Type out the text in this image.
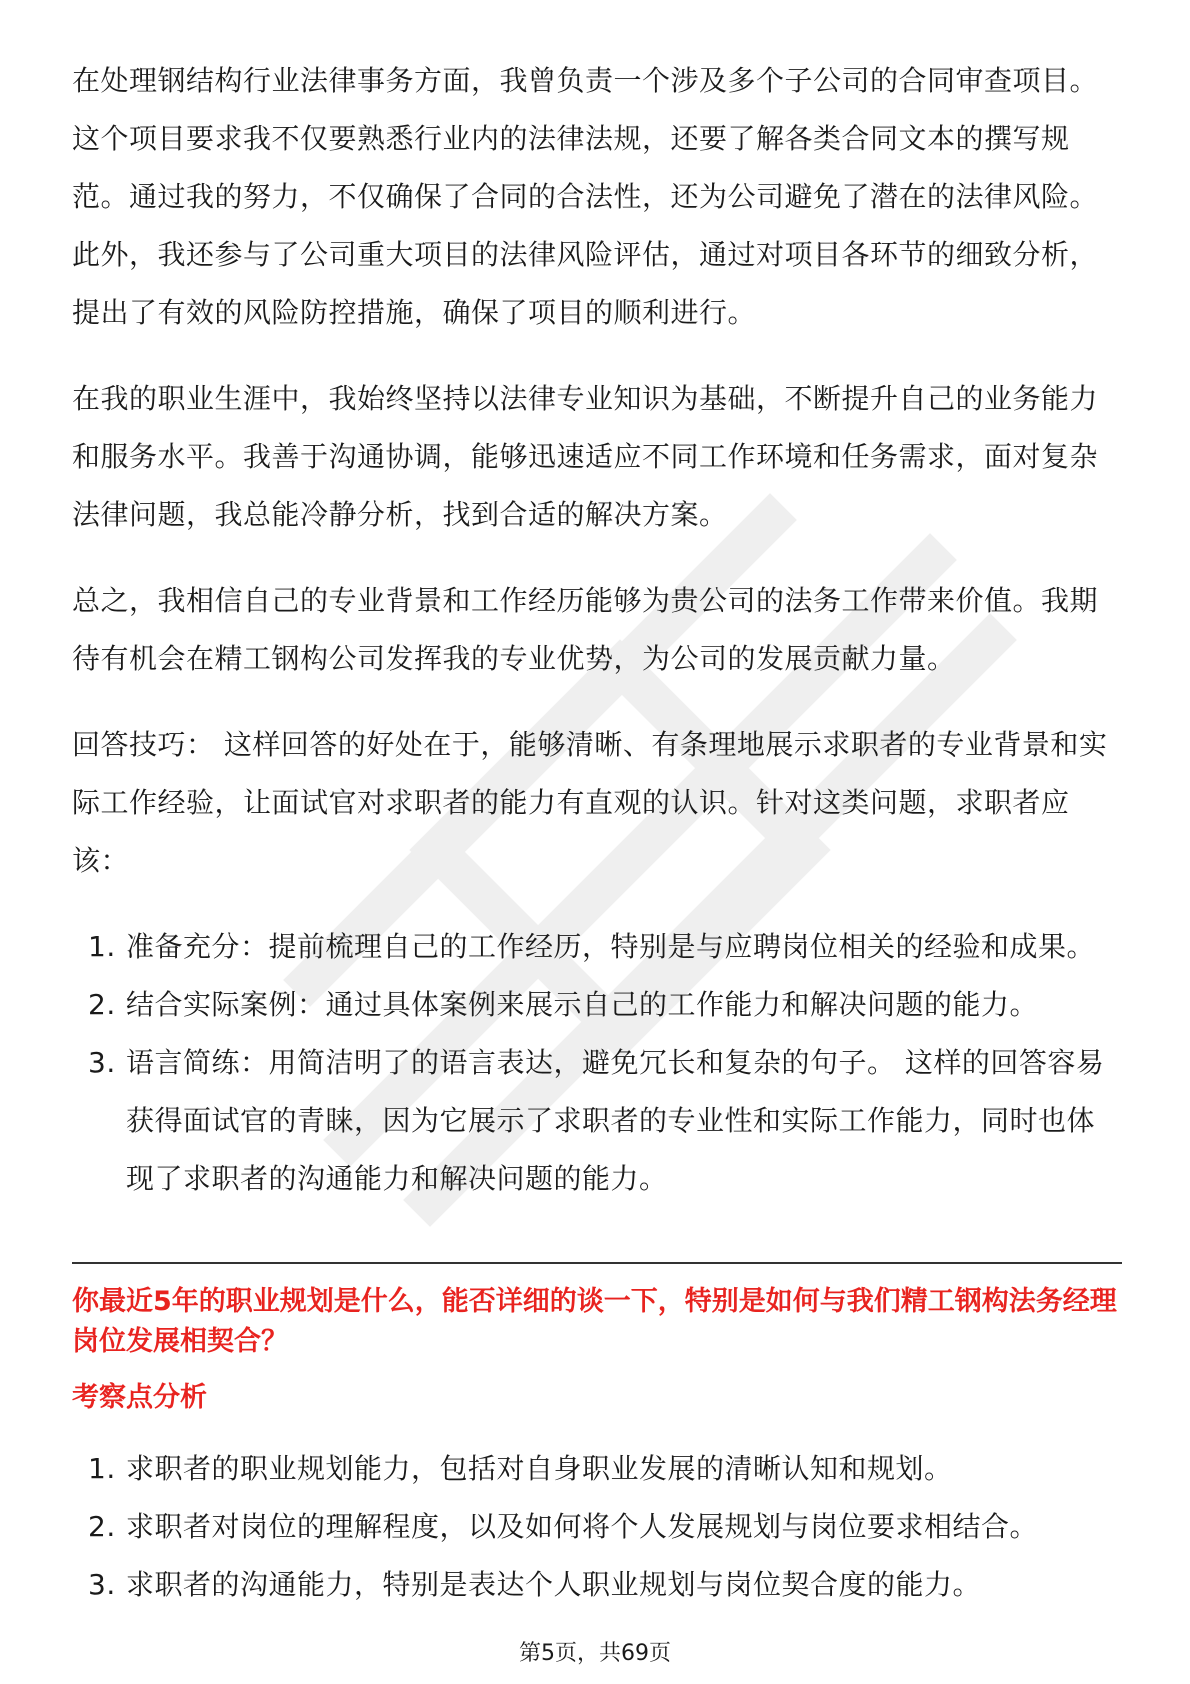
在处理钢结构行业法律事务方面，我曾负责一个涉及多个子公司的合同审查项目。这个项目要求我不仅要熟悉行业内的法律法规，还要了解各类合同文本的撰写规范。通过我的努力，不仅确保了合同的合法性，还为公司避免了潜在的法律风险。此外，我还参与了公司重大项目的法律风险评估，通过对项目各环节的细致分析，提出了有效的风险防控措施，确保了项目的顺利进行。

在我的职业生涯中，我始终坚持以法律专业知识为基础，不断提升自己的业务能力和服务水平。我善于沟通协调，能够迅速适应不同工作环境和任务需求，面对复杂法律问题，我总能冷静分析，找到合适的解决方案。

总之，我相信自己的专业背景和工作经历能够为贵公司的法务工作带来价值。我期待有机会在精工钢构公司发挥我的专业优势，为公司的发展贡献力量。

回答技巧： 这样回答的好处在于，能够清晰、有条理地展示求职者的专业背景和实际工作经验，让面试官对求职者的能力有直观的认识。针对这类问题，求职者应该：

1. 准备充分：提前梳理自己的工作经历，特别是与应聘岗位相关的经验和成果。
2. 结合实际案例：通过具体案例来展示自己的工作能力和解决问题的能力。
3. 语言简练：用简洁明了的语言表达，避免冗长和复杂的句子。 这样的回答容易获得面试官的青睐，因为它展示了求职者的专业性和实际工作能力，同时也体现了求职者的沟通能力和解决问题的能力。

你最近5年的职业规划是什么，能否详细的谈一下，特别是如何与我们精工钢构法务经理岗位发展相契合？

考察点分析

1. 求职者的职业规划能力，包括对自身职业发展的清晰认知和规划。
2. 求职者对岗位的理解程度，以及如何将个人发展规划与岗位要求相结合。
3. 求职者的沟通能力，特别是表达个人职业规划与岗位契合度的能力。
第5页，共69页
